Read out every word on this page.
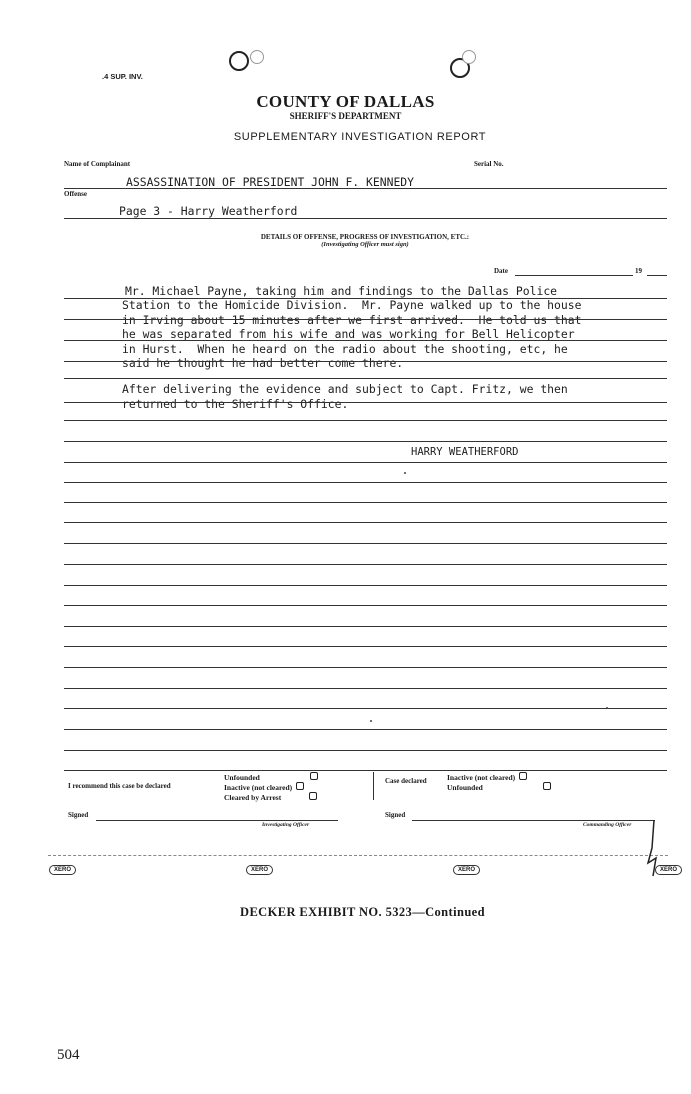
.4 SUP. INV.
COUNTY OF DALLAS
SHERIFF'S DEPARTMENT
SUPPLEMENTARY INVESTIGATION REPORT
Name of Complainant	Serial No.
ASSASSINATION OF PRESIDENT JOHN F. KENNEDY
Offense
Page 3 - Harry Weatherford
DETAILS OF OFFENSE, PROGRESS OF INVESTIGATION, ETC.:
(Investigating Officer must sign)
Date	19
Mr. Michael Payne, taking him and findings to the Dallas Police
Station to the Homicide Division.  Mr. Payne walked up to the house
in Irving about 15 minutes after we first arrived.  He told us that
he was separated from his wife and was working for Bell Helicopter
in Hurst.  When he heard on the radio about the shooting, etc, he
said he thought he had better come there.
After delivering the evidence and subject to Capt. Fritz, we then
returned to the Sheriff's Office.
HARRY WEATHERFORD
I recommend this case be declared
Unfounded
Inactive (not cleared)
Cleared by Arrest
Case declared	Inactive (not cleared)
Unfounded
Signed
Investigating Officer
Signed
Commanding Officer
XERO	XERO	XERO	XERO
DECKER EXHIBIT NO. 5323—Continued
504
